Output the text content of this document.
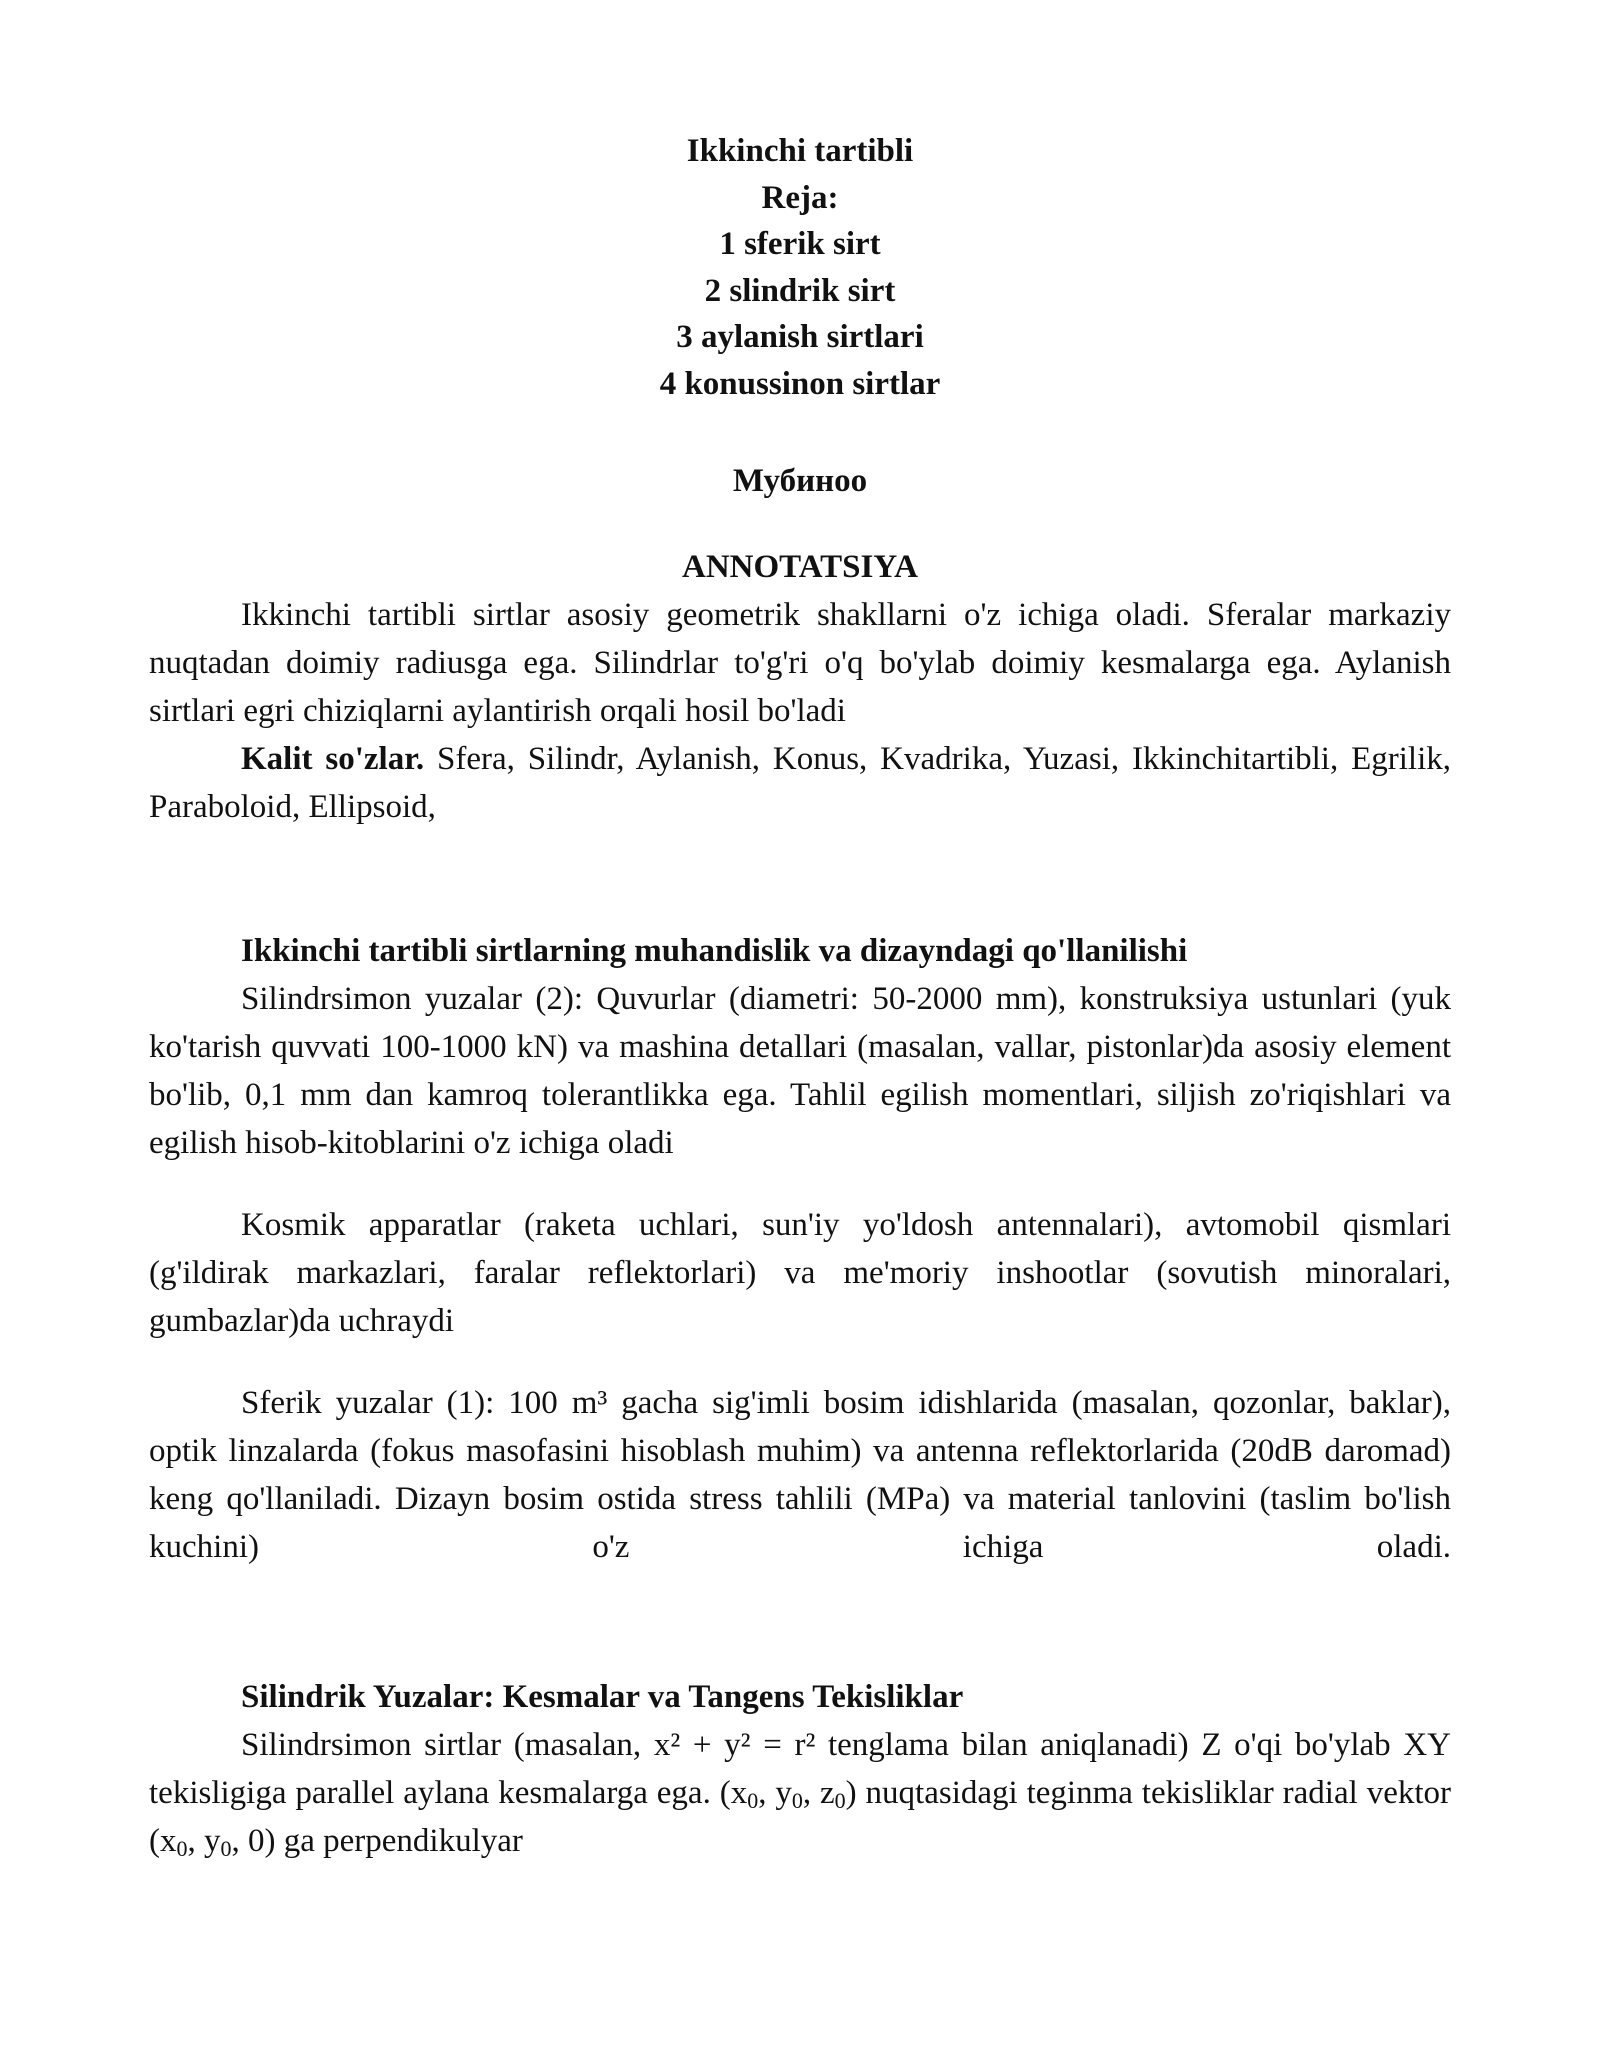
Ikkinchi tartibli
Reja:
1 sferik sirt
2 slindrik sirt
3 aylanish sirtlari
4 konussinon sirtlar
Мубиноо
ANNOTATSIYA

Ikkinchi tartibli sirtlar asosiy geometrik shakllarni o'z ichiga oladi. Sferalar markaziy nuqtadan doimiy radiusga ega. Silindrlar to'g'ri o'q bo'ylab doimiy kesmalarga ega. Aylanish sirtlari egri chiziqlarni aylantirish orqali hosil bo'ladi

Kalit so'zlar. Sfera, Silindr, Aylanish, Konus, Kvadrika, Yuzasi, Ikkinchitartibli, Egrilik, Paraboloid, Ellipsoid,

Ikkinchi tartibli sirtlarning muhandislik va dizayndagi qo'llanilishi

Silindrsimon yuzalar (2): Quvurlar (diametri: 50-2000 mm), konstruksiya ustunlari (yuk ko'tarish quvvati 100-1000 kN) va mashina detallari (masalan, vallar, pistonlar)da asosiy element bo'lib, 0,1 mm dan kamroq tolerantlikka ega. Tahlil egilish momentlari, siljish zo'riqishlari va egilish hisob-kitoblarini o'z ichiga oladi

Kosmik apparatlar (raketa uchlari, sun'iy yo'ldosh antennalari), avtomobil qismlari (g'ildirak markazlari, faralar reflektorlari) va me'moriy inshootlar (sovutish minoralari, gumbazlar)da uchraydi

Sferik yuzalar (1): 100 m³ gacha sig'imli bosim idishlarida (masalan, qozonlar, baklar), optik linzalarda (fokus masofasini hisoblash muhim) va antenna reflektorlarida (20dB daromad) keng qo'llaniladi. Dizayn bosim ostida stress tahlili (MPa) va material tanlovini (taslim bo'lish kuchini) o'z ichiga oladi.

Silindrik Yuzalar: Kesmalar va Tangens Tekisliklar

Silindrsimon sirtlar (masalan, x² + y² = r² tenglama bilan aniqlanadi) Z o'qi bo'ylab XY tekisligiga parallel aylana kesmalarga ega. ($x_0$, $y_0$, $z_0$) nuqtasidagi teginma tekisliklar radial vektor ($x_0$, $y_0$, 0) ga perpendikulyar
